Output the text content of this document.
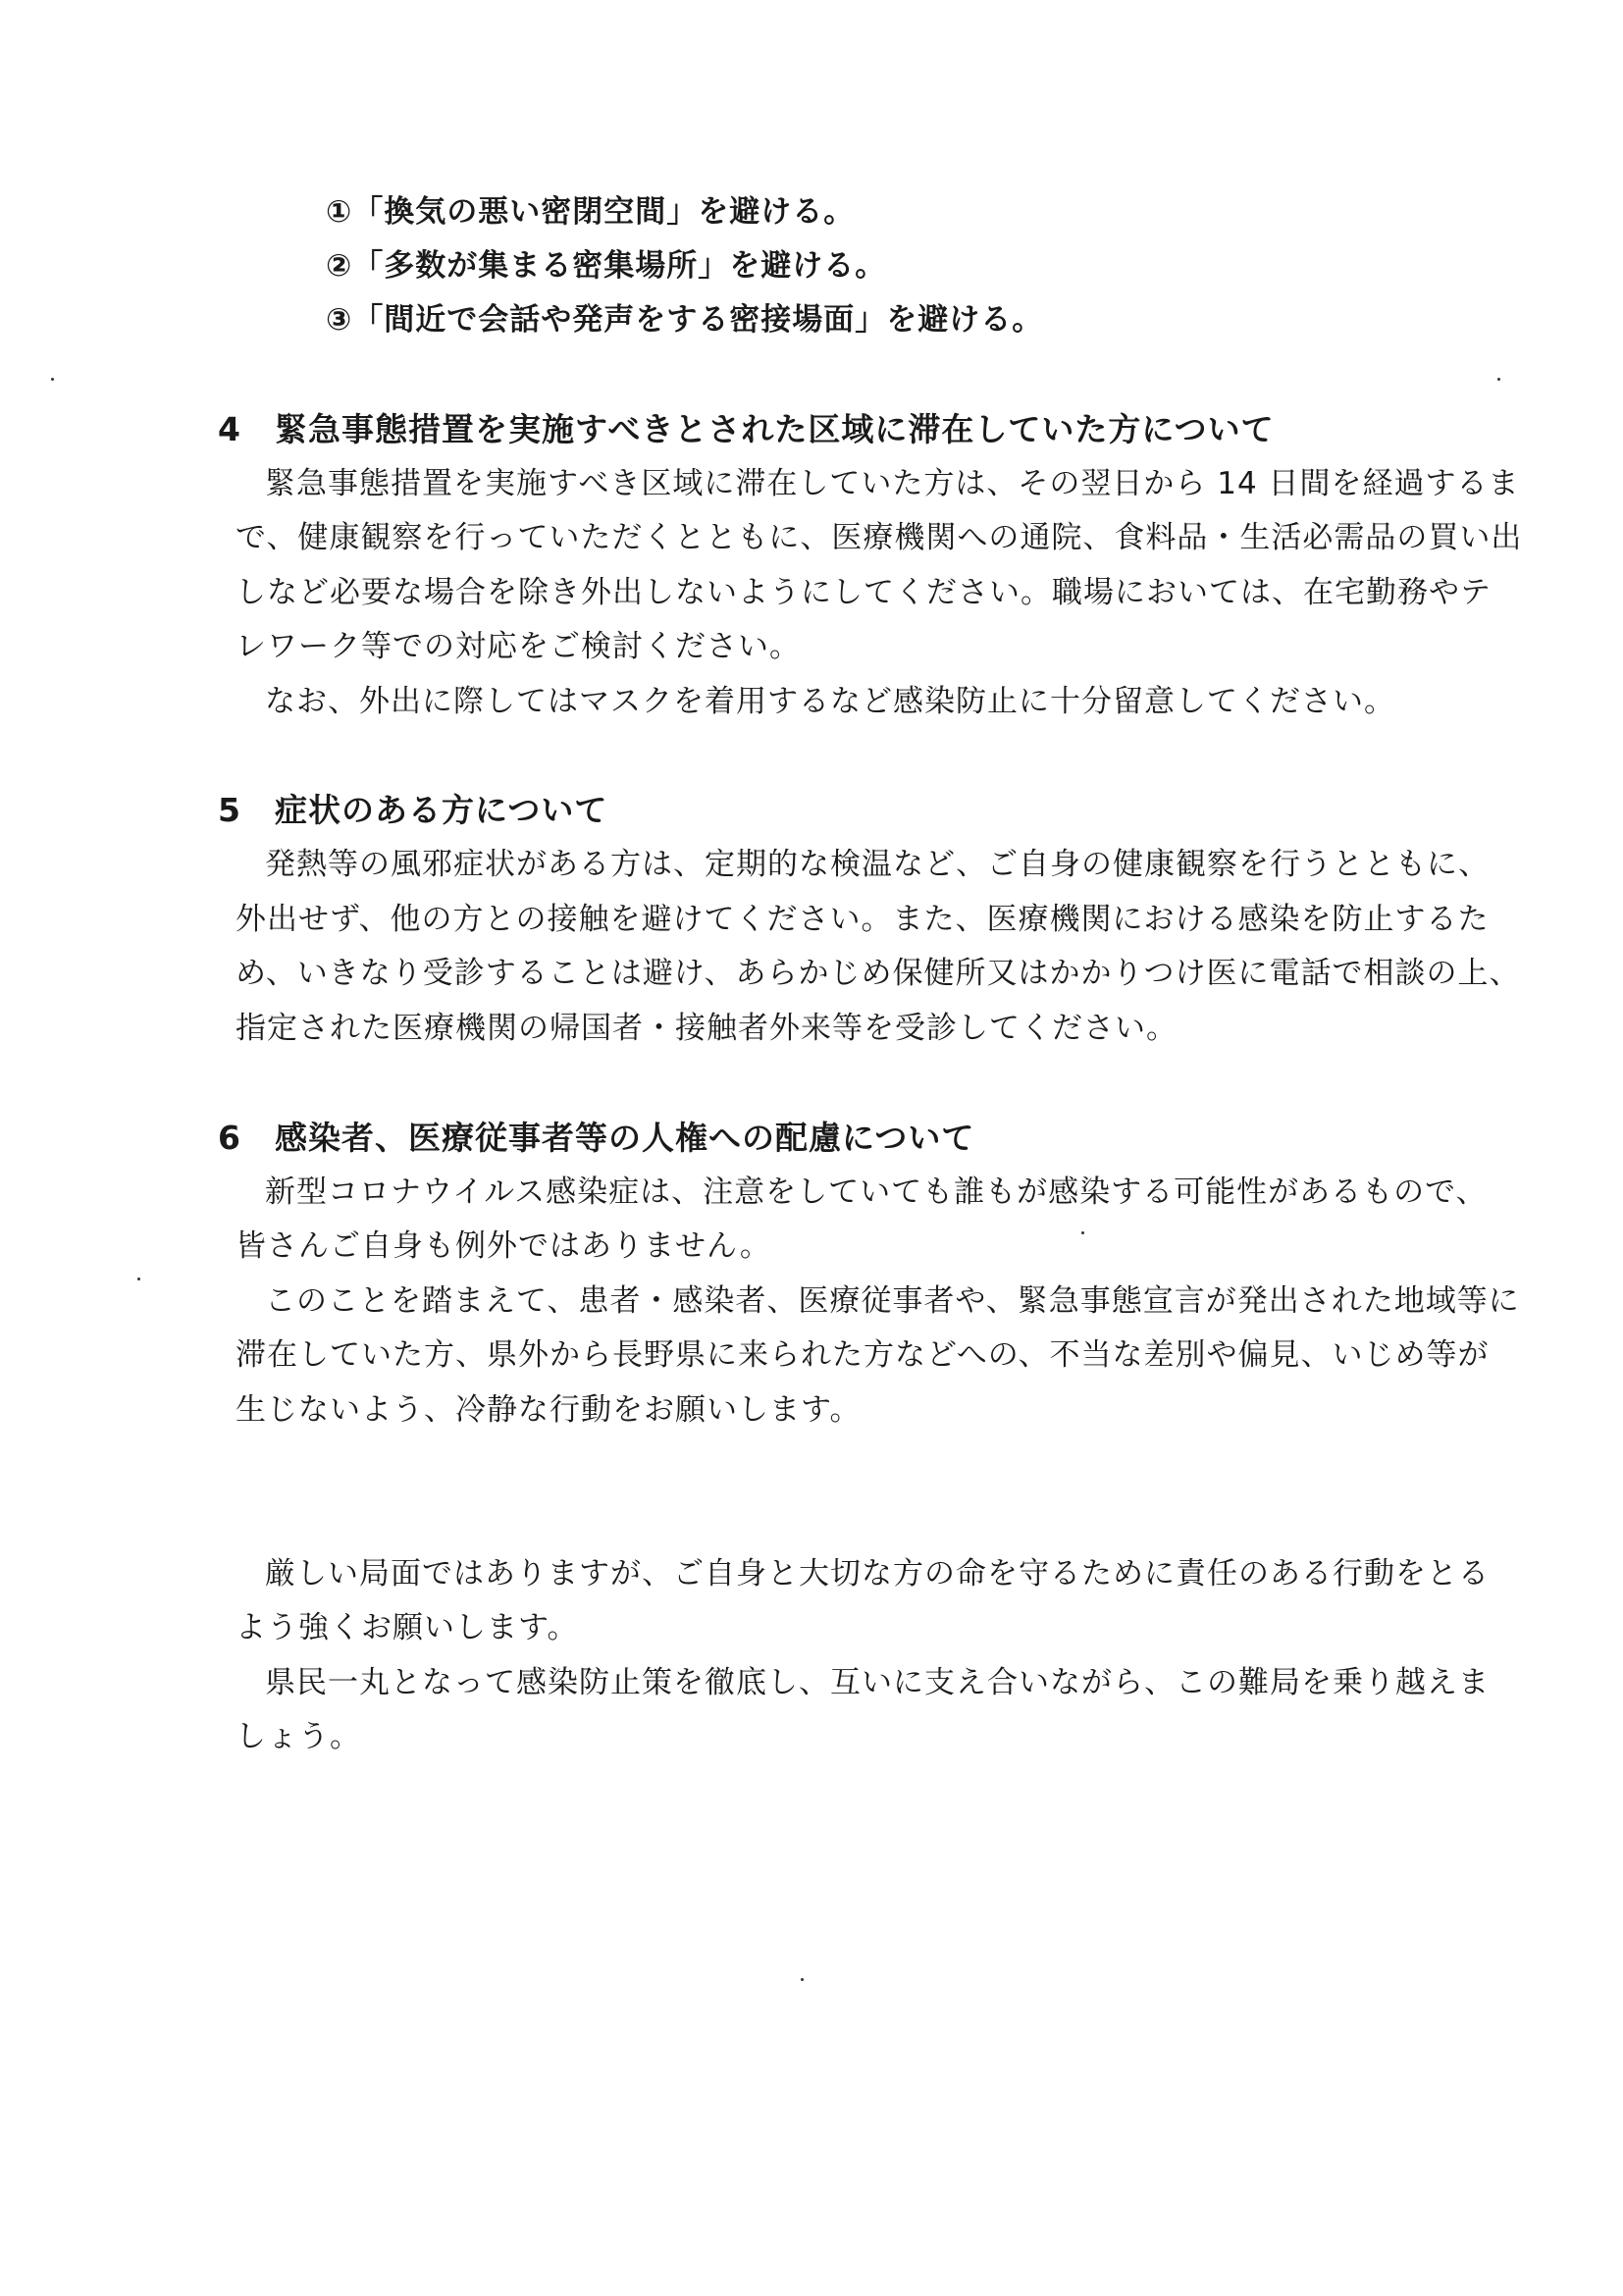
①「換気の悪い密閉空間」を避ける。
②「多数が集まる密集場所」を避ける。
③「間近で会話や発声をする密接場面」を避ける。
4 緊急事態措置を実施すべきとされた区域に滞在していた方について
緊急事態措置を実施すべき区域に滞在していた方は、その翌日から 14 日間を経過するま
で、健康観察を行っていただくとともに、医療機関への通院、食料品・生活必需品の買い出
しなど必要な場合を除き外出しないようにしてください。職場においては、在宅勤務やテ
レワーク等での対応をご検討ください。
なお、外出に際してはマスクを着用するなど感染防止に十分留意してください。
5 症状のある方について
発熱等の風邪症状がある方は、定期的な検温など、ご自身の健康観察を行うとともに、
外出せず、他の方との接触を避けてください。また、医療機関における感染を防止するた
め、いきなり受診することは避け、あらかじめ保健所又はかかりつけ医に電話で相談の上、
指定された医療機関の帰国者・接触者外来等を受診してください。
6 感染者、医療従事者等の人権への配慮について
新型コロナウイルス感染症は、注意をしていても誰もが感染する可能性があるもので、
皆さんご自身も例外ではありません。
このことを踏まえて、患者・感染者、医療従事者や、緊急事態宣言が発出された地域等に
滞在していた方、県外から長野県に来られた方などへの、不当な差別や偏見、いじめ等が
生じないよう、冷静な行動をお願いします。
厳しい局面ではありますが、ご自身と大切な方の命を守るために責任のある行動をとる
よう強くお願いします。
県民一丸となって感染防止策を徹底し、互いに支え合いながら、この難局を乗り越えま
しょう。
